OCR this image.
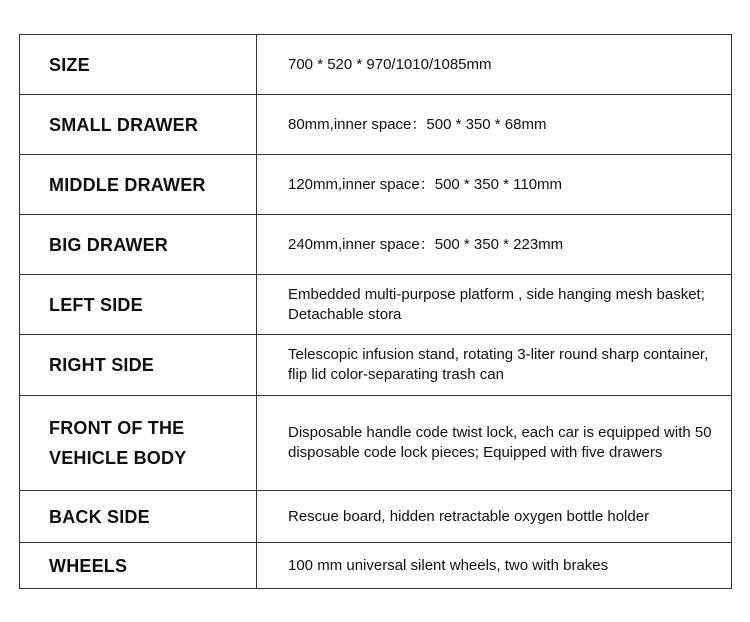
SIZE	700 * 520 * 970/1010/1085mm
SMALL DRAWER	80mm,inner space：500 * 350 * 68mm
MIDDLE DRAWER	120mm,inner space：500 * 350 * 110mm
BIG DRAWER	240mm,inner space：500 * 350 * 223mm
LEFT SIDE	Embedded multi-purpose platform , side hanging mesh basket; Detachable stora
RIGHT SIDE	Telescopic infusion stand, rotating 3-liter round sharp container, flip lid color-separating trash can
FRONT OF THE VEHICLE BODY	Disposable handle code twist lock, each car is equipped with 50 disposable code lock pieces; Equipped with five drawers
BACK SIDE	Rescue board, hidden retractable oxygen bottle holder
WHEELS	100 mm universal silent wheels, two with brakes
